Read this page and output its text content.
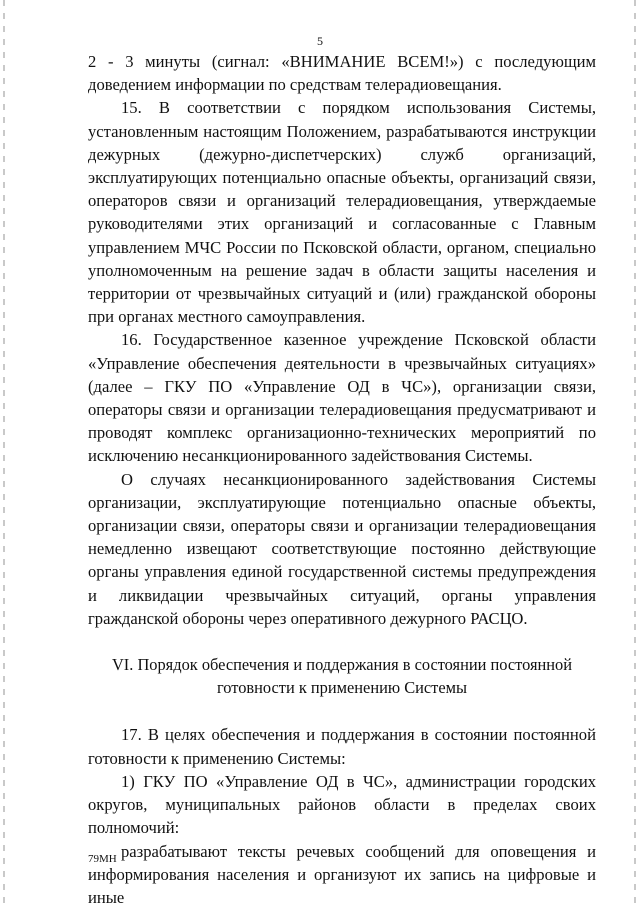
5

2 - 3 минуты (сигнал: «ВНИМАНИЕ ВСЕМ!») с последующим доведением информации по средствам телерадиовещания.

15. В соответствии с порядком использования Системы, установленным настоящим Положением, разрабатываются инструкции дежурных (дежурно-диспетчерских) служб организаций, эксплуатирующих потенциально опасные объекты, организаций связи, операторов связи и организаций телерадиовещания, утверждаемые руководителями этих организаций и согласованные с Главным управлением МЧС России по Псковской области, органом, специально уполномоченным на решение задач в области защиты населения и территории от чрезвычайных ситуаций и (или) гражданской обороны при органах местного самоуправления.

16. Государственное казенное учреждение Псковской области «Управление обеспечения деятельности в чрезвычайных ситуациях» (далее – ГКУ ПО «Управление ОД в ЧС»), организации связи, операторы связи и организации телерадиовещания предусматривают и проводят комплекс организационно-технических мероприятий по исключению несанкционированного задействования Системы.

О случаях несанкционированного задействования Системы организации, эксплуатирующие потенциально опасные объекты, организации связи, операторы связи и организации телерадиовещания немедленно извещают соответствующие постоянно действующие органы управления единой государственной системы предупреждения и ликвидации чрезвычайных ситуаций, органы управления гражданской обороны через оперативного дежурного РАСЦО.

VI. Порядок обеспечения и поддержания в состоянии постоянной
готовности к применению Системы

17. В целях обеспечения и поддержания в состоянии постоянной готовности к применению Системы:

1) ГКУ ПО «Управление ОД в ЧС», администрации городских округов, муниципальных районов области в пределах своих полномочий:

разрабатывают тексты речевых сообщений для оповещения и информирования населения и организуют их запись на цифровые и иные

79МН
